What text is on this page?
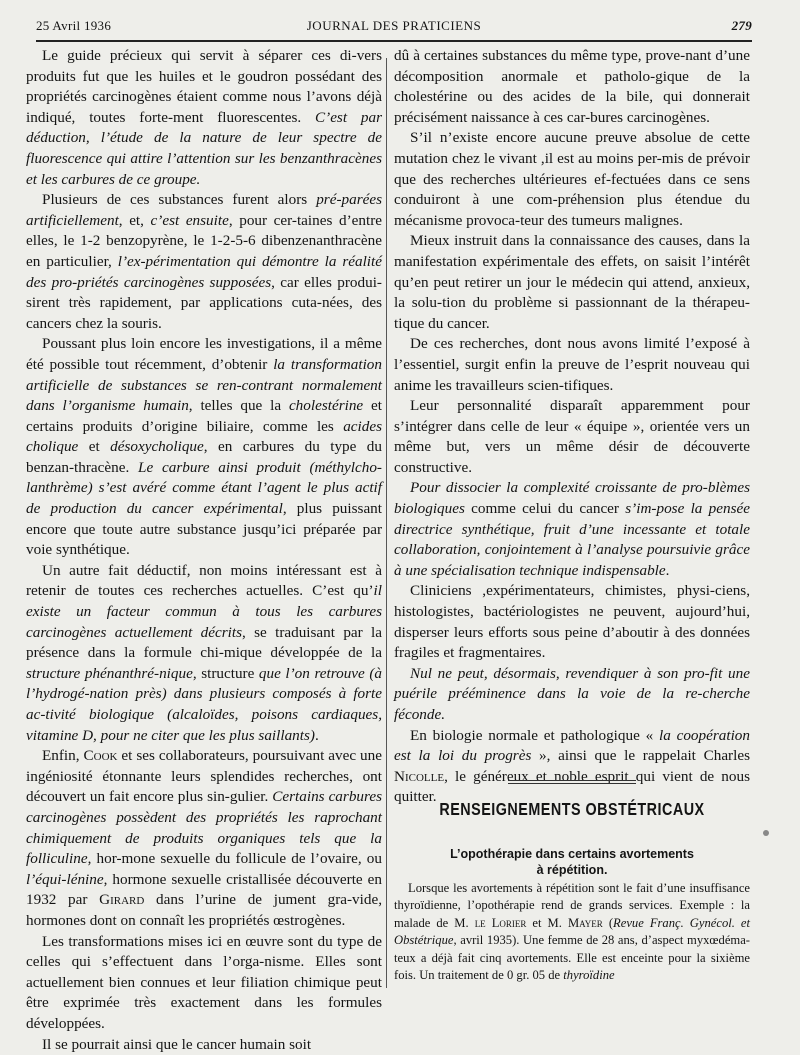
25 Avril 1936	JOURNAL DES PRATICIENS	279

Le guide précieux qui servit à séparer ces di-vers produits fut que les huiles et le goudron possédant des propriétés carcinogènes étaient comme nous l’avons déjà indiqué, toutes forte-ment fluorescentes. C’est par déduction, l’étude de la nature de leur spectre de fluorescence qui attire l’attention sur les benzanthracènes et les carbures de ce groupe.

Plusieurs de ces substances furent alors pré-parées artificiellement, et, c’est ensuite, pour cer-taines d’entre elles, le 1-2 benzopyrène, le 1-2-5-6 dibenzenanthracène en particulier, l’ex-périmentation qui démontre la réalité des pro-priétés carcinogènes supposées, car elles produi-sirent très rapidement, par applications cuta-nées, des cancers chez la souris.

Poussant plus loin encore les investigations, il a même été possible tout récemment, d’obtenir la transformation artificielle de substances se ren-contrant normalement dans l’organisme humain, telles que la cholestérine et certains produits d’origine biliaire, comme les acides cholique et désoxycholique, en carbures du type du benzan-thracène. Le carbure ainsi produit (méthylcho-lanthrème) s’est avéré comme étant l’agent le plus actif de production du cancer expérimental, plus puissant encore que toute autre substance jusqu’ici préparée par voie synthétique.

Un autre fait déductif, non moins intéressant est à retenir de toutes ces recherches actuelles. C’est qu’il existe un facteur commun à tous les carbures carcinogènes actuellement décrits, se traduisant par la présence dans la formule chi-mique développée de la structure phénanthré-nique, structure que l’on retrouve (à l’hydrogé-nation près) dans plusieurs composés à forte ac-tivité biologique (alcaloïdes, poisons cardiaques, vitamine D, pour ne citer que les plus saillants).

Enfin, Cook et ses collaborateurs, poursuivant avec une ingéniosité étonnante leurs splendides recherches, ont découvert un fait encore plus sin-gulier. Certains carbures carcinogènes possèdent des propriétés les raprochant chimiquement de produits organiques tels que la folliculine, hor-mone sexuelle du follicule de l’ovaire, ou l’équi-lénine, hormone sexuelle cristallisée découverte en 1932 par Girard dans l’urine de jument gra-vide, hormones dont on connaît les propriétés œstrogènes.

Les transformations mises ici en œuvre sont du type de celles qui s’effectuent dans l’orga-nisme. Elles sont actuellement bien connues et leur filiation chimique peut être exprimée très exactement dans les formules développées.

Il se pourrait ainsi que le cancer humain soit

dû à certaines substances du même type, prove-nant d’une décomposition anormale et patholo-gique de la cholestérine ou des acides de la bile, qui donnerait précisément naissance à ces car-bures carcinogènes.

S’il n’existe encore aucune preuve absolue de cette mutation chez le vivant ,il est au moins per-mis de prévoir que des recherches ultérieures ef-fectuées dans ce sens conduiront à une com-préhension plus étendue du mécanisme provoca-teur des tumeurs malignes.

Mieux instruit dans la connaissance des causes, dans la manifestation expérimentale des effets, on saisit l’intérêt qu’en peut retirer un jour le médecin qui attend, anxieux, la solu-tion du problème si passionnant de la thérapeu-tique du cancer.

De ces recherches, dont nous avons limité l’exposé à l’essentiel, surgit enfin la preuve de l’esprit nouveau qui anime les travailleurs scien-tifiques.

Leur personnalité disparaît apparemment pour s’intégrer dans celle de leur « équipe », orientée vers un même but, vers un même désir de découverte constructive.

Pour dissocier la complexité croissante de pro-blèmes biologiques comme celui du cancer s’im-pose la pensée directrice synthétique, fruit d’une incessante et totale collaboration, conjointement à l’analyse poursuivie grâce à une spécialisation technique indispensable.

Cliniciens ,expérimentateurs, chimistes, physi-ciens, histologistes, bactériologistes ne peuvent, aujourd’hui, disperser leurs efforts sous peine d’aboutir à des données fragiles et fragmentaires.

Nul ne peut, désormais, revendiquer à son pro-fit une puérile prééminence dans la voie de la re-cherche féconde.

En biologie normale et pathologique « la coopération est la loi du progrès », ainsi que le rappelait Charles Nicolle, le généreux et noble esprit qui vient de nous quitter.

RENSEIGNEMENTS OBSTÉTRICAUX
L’opothérapie dans certains avortements
à répétition.

Lorsque les avortements à répétition sont le fait d’une insuffisance thyroïdienne, l’opothérapie rend de grands services. Exemple : la malade de M. le Lorier et M. Mayer (Revue Franç. Gynécol. et Obstétrique, avril 1935). Une femme de 28 ans, d’aspect myxœdéma-teux a déjà fait cinq avortements. Elle est enceinte pour la sixième fois. Un traitement de 0 gr. 05 de thyroïdine
